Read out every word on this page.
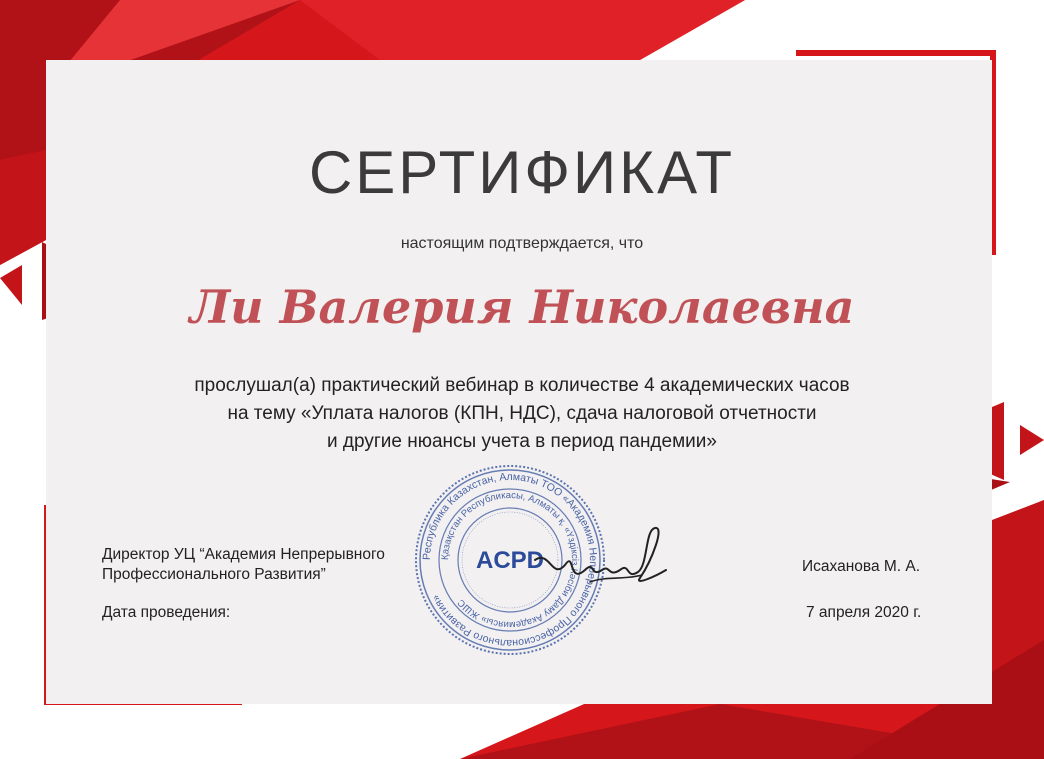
СЕРТИФИКАТ
настоящим подтверждается, что
Ли Валерия Николаевна
прослушал(а) практический вебинар в количестве 4 академических часов
на тему «Уплата налогов (КПН, НДС), сдача налоговой отчетности
и другие нюансы учета в период пандемии»
Директор УЦ “Академия Непрерывного
Профессионального Развития”	Исаханова М. А.
Дата проведения:	7 апреля 2020 г.
Республика Казахстан, Алматы ТОО «Академия Непрерывного Профессионального Развития»
Қазақстан Республикасы, Алматы қ. «Үздіксіз Кәсіби Даму Академиясы» ЖШС
ACPD
